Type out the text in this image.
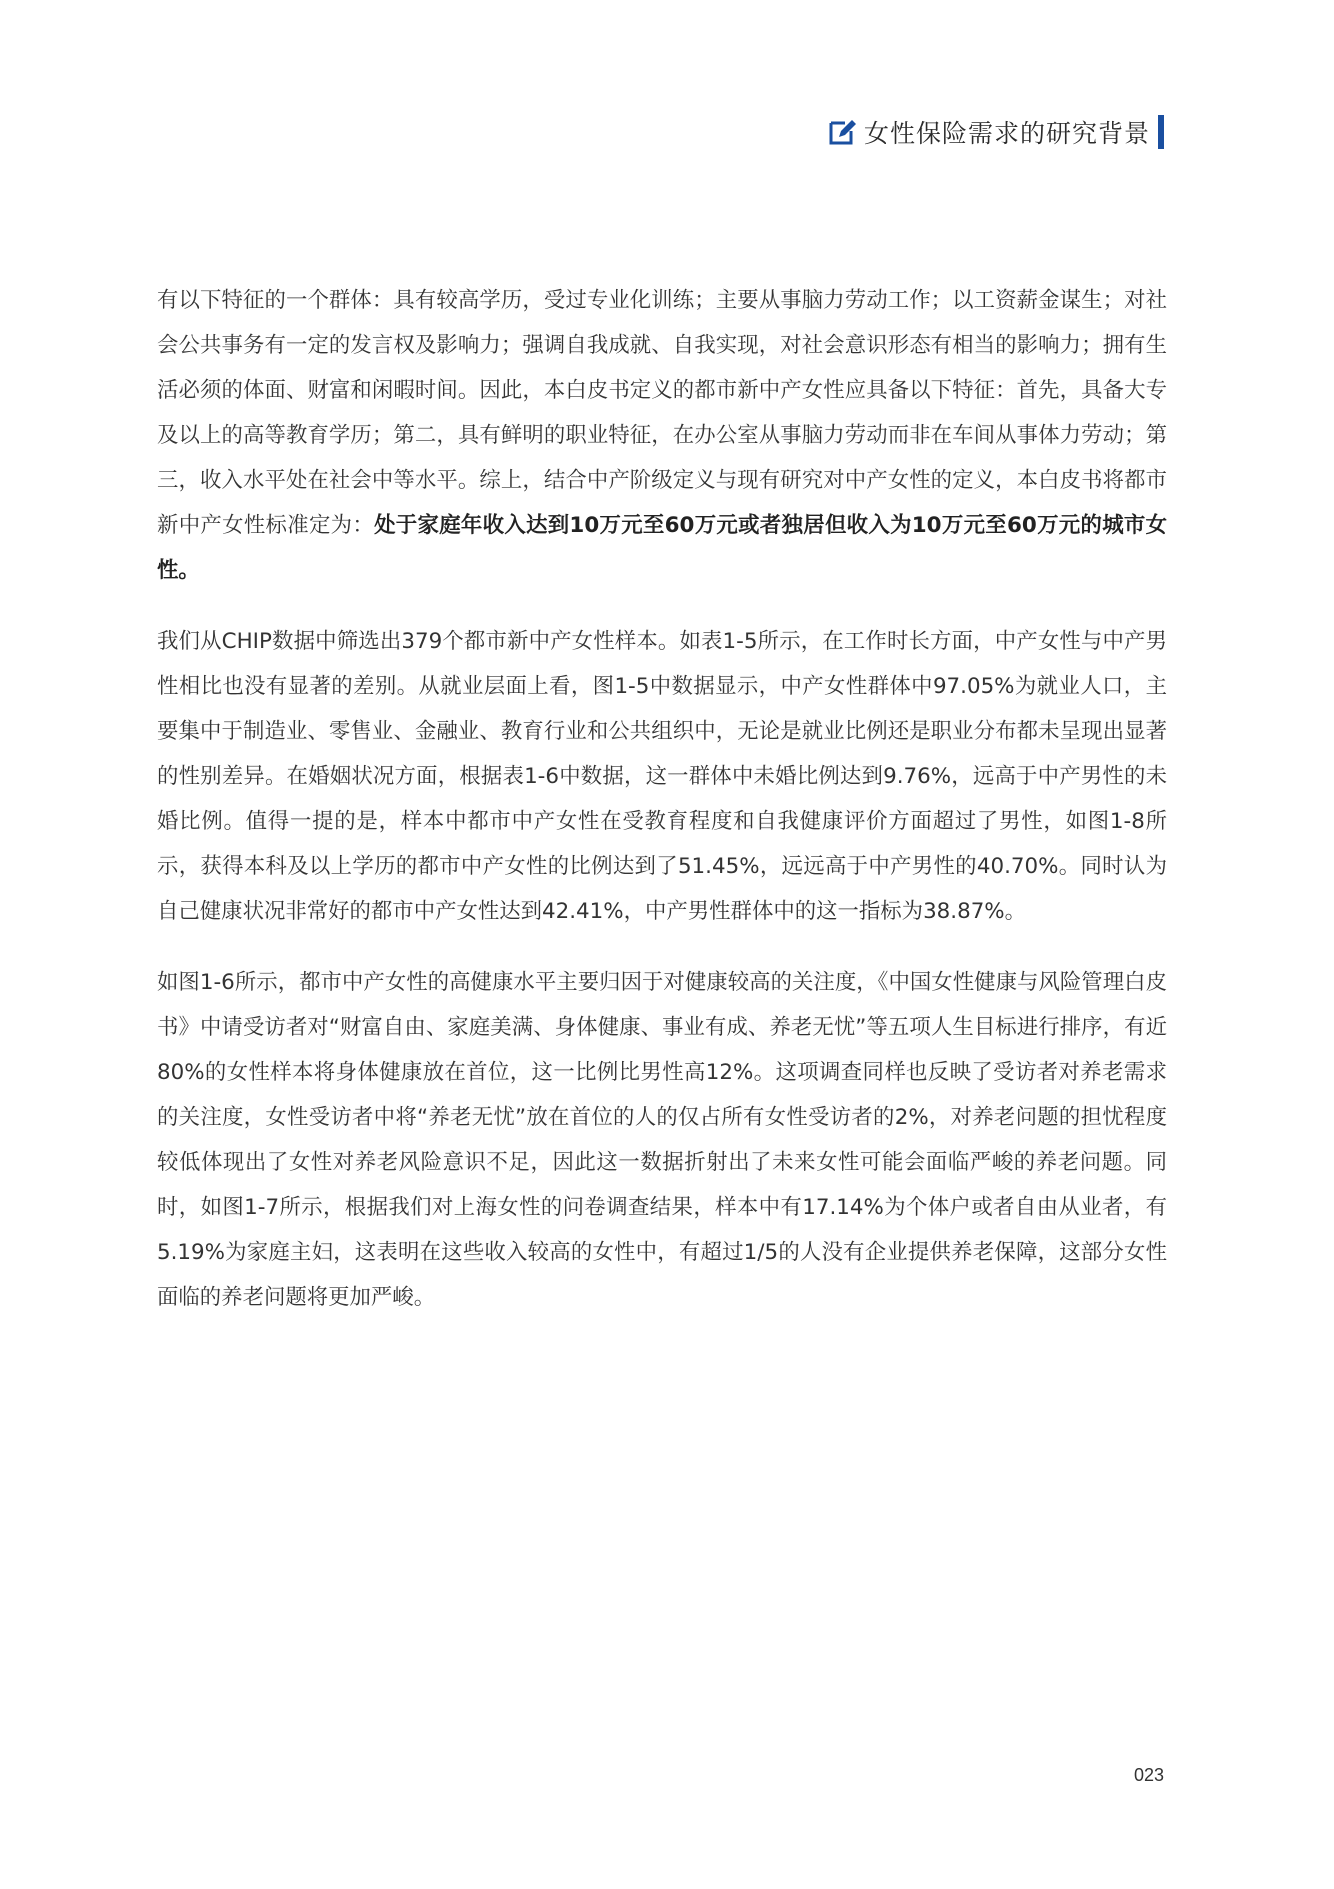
女性保险需求的研究背景

有以下特征的一个群体：具有较高学历，受过专业化训练；主要从事脑力劳动工作；以工资薪金谋生；对社会公共事务有一定的发言权及影响力；强调自我成就、自我实现，对社会意识形态有相当的影响力；拥有生活必须的体面、财富和闲暇时间。因此，本白皮书定义的都市新中产女性应具备以下特征：首先，具备大专及以上的高等教育学历；第二，具有鲜明的职业特征，在办公室从事脑力劳动而非在车间从事体力劳动；第三，收入水平处在社会中等水平。综上，结合中产阶级定义与现有研究对中产女性的定义，本白皮书将都市新中产女性标准定为：处于家庭年收入达到10万元至60万元或者独居但收入为10万元至60万元的城市女性。

我们从CHIP数据中筛选出379个都市新中产女性样本。如表1-5所示，在工作时长方面，中产女性与中产男性相比也没有显著的差别。从就业层面上看，图1-5中数据显示，中产女性群体中97.05%为就业人口，主要集中于制造业、零售业、金融业、教育行业和公共组织中，无论是就业比例还是职业分布都未呈现出显著的性别差异。在婚姻状况方面，根据表1-6中数据，这一群体中未婚比例达到9.76%，远高于中产男性的未婚比例。值得一提的是，样本中都市中产女性在受教育程度和自我健康评价方面超过了男性，如图1-8所示，获得本科及以上学历的都市中产女性的比例达到了51.45%，远远高于中产男性的40.70%。同时认为自己健康状况非常好的都市中产女性达到42.41%，中产男性群体中的这一指标为38.87%。

如图1-6所示，都市中产女性的高健康水平主要归因于对健康较高的关注度，《中国女性健康与风险管理白皮书》中请受访者对“财富自由、家庭美满、身体健康、事业有成、养老无忧”等五项人生目标进行排序，有近80%的女性样本将身体健康放在首位，这一比例比男性高12%。这项调查同样也反映了受访者对养老需求的关注度，女性受访者中将“养老无忧”放在首位的人的仅占所有女性受访者的2%，对养老问题的担忧程度较低体现出了女性对养老风险意识不足，因此这一数据折射出了未来女性可能会面临严峻的养老问题。同时，如图1-7所示，根据我们对上海女性的问卷调查结果，样本中有17.14%为个体户或者自由从业者，有5.19%为家庭主妇，这表明在这些收入较高的女性中，有超过1/5的人没有企业提供养老保障，这部分女性面临的养老问题将更加严峻。

023
